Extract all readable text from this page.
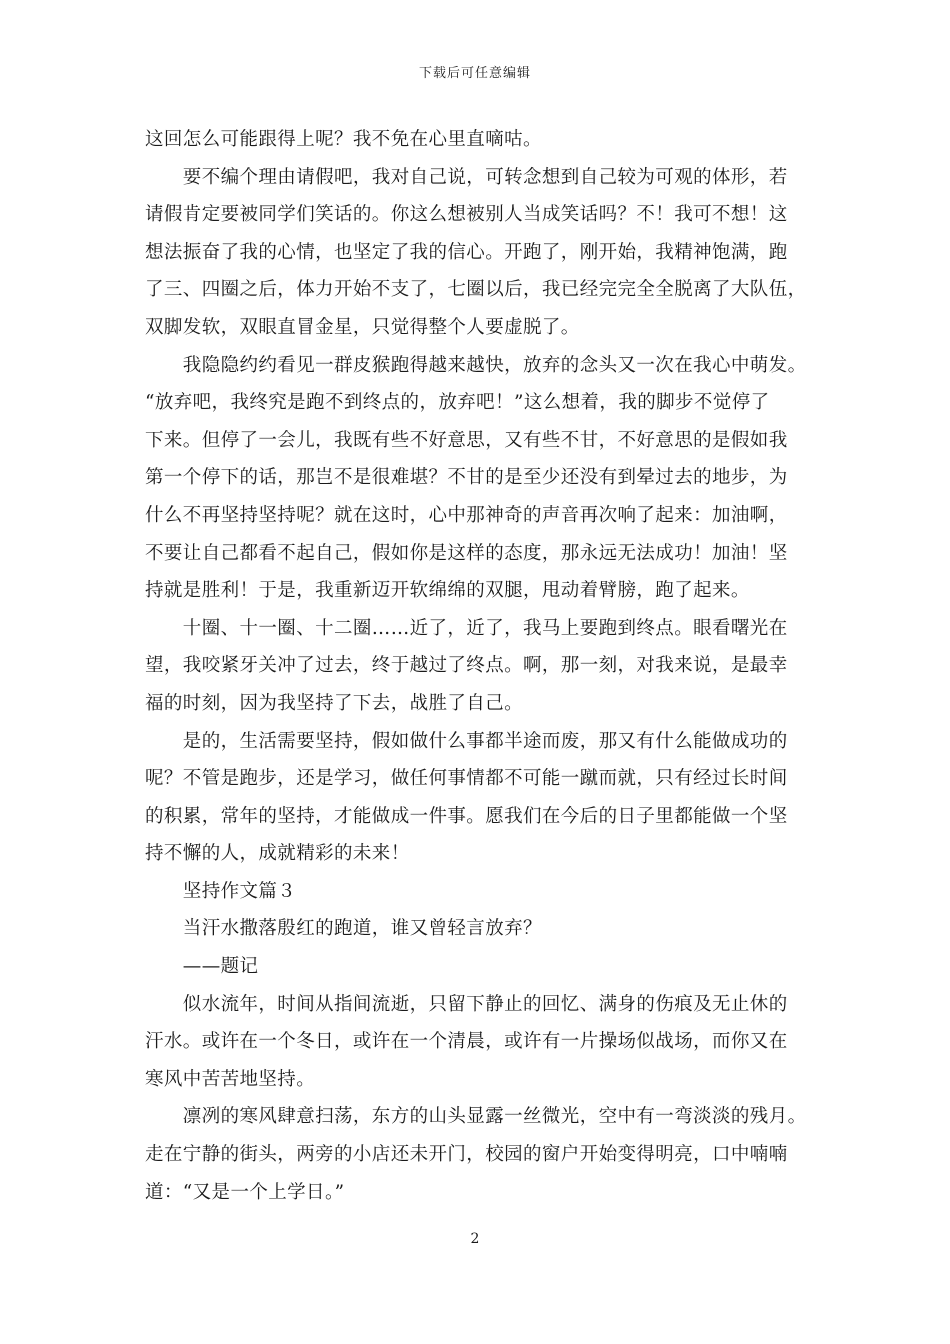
下载后可任意编辑

这回怎么可能跟得上呢？我不免在心里直嘀咕。

　　要不编个理由请假吧，我对自己说，可转念想到自己较为可观的体形，若
请假肯定要被同学们笑话的。你这么想被别人当成笑话吗？不！我可不想！这
想法振奋了我的心情，也坚定了我的信心。开跑了，刚开始，我精神饱满，跑
了三、四圈之后，体力开始不支了，七圈以后，我已经完完全全脱离了大队伍，
双脚发软，双眼直冒金星，只觉得整个人要虚脱了。

　　我隐隐约约看见一群皮猴跑得越来越快，放弃的念头又一次在我心中萌发。
“放弃吧，我终究是跑不到终点的，放弃吧！”这么想着，我的脚步不觉停了
下来。但停了一会儿，我既有些不好意思，又有些不甘，不好意思的是假如我
第一个停下的话，那岂不是很难堪？不甘的是至少还没有到晕过去的地步，为
什么不再坚持坚持呢？就在这时，心中那神奇的声音再次响了起来：加油啊，
不要让自己都看不起自己，假如你是这样的态度，那永远无法成功！加油！坚
持就是胜利！于是，我重新迈开软绵绵的双腿，甩动着臂膀，跑了起来。

　　十圈、十一圈、十二圈……近了，近了，我马上要跑到终点。眼看曙光在
望，我咬紧牙关冲了过去，终于越过了终点。啊，那一刻，对我来说，是最幸
福的时刻，因为我坚持了下去，战胜了自己。

　　是的，生活需要坚持，假如做什么事都半途而废，那又有什么能做成功的
呢？不管是跑步，还是学习，做任何事情都不可能一蹴而就，只有经过长时间
的积累，常年的坚持，才能做成一件事。愿我们在今后的日子里都能做一个坚
持不懈的人，成就精彩的未来！

　　坚持作文篇３

　　当汗水撒落殷红的跑道，谁又曾轻言放弃？

　　——题记

　　似水流年，时间从指间流逝，只留下静止的回忆、满身的伤痕及无止休的
汗水。或许在一个冬日，或许在一个清晨，或许有一片操场似战场，而你又在
寒风中苦苦地坚持。

　　凛冽的寒风肆意扫荡，东方的山头显露一丝微光，空中有一弯淡淡的残月。
走在宁静的街头，两旁的小店还未开门，校园的窗户开始变得明亮，口中喃喃
道：“又是一个上学日。”

2
